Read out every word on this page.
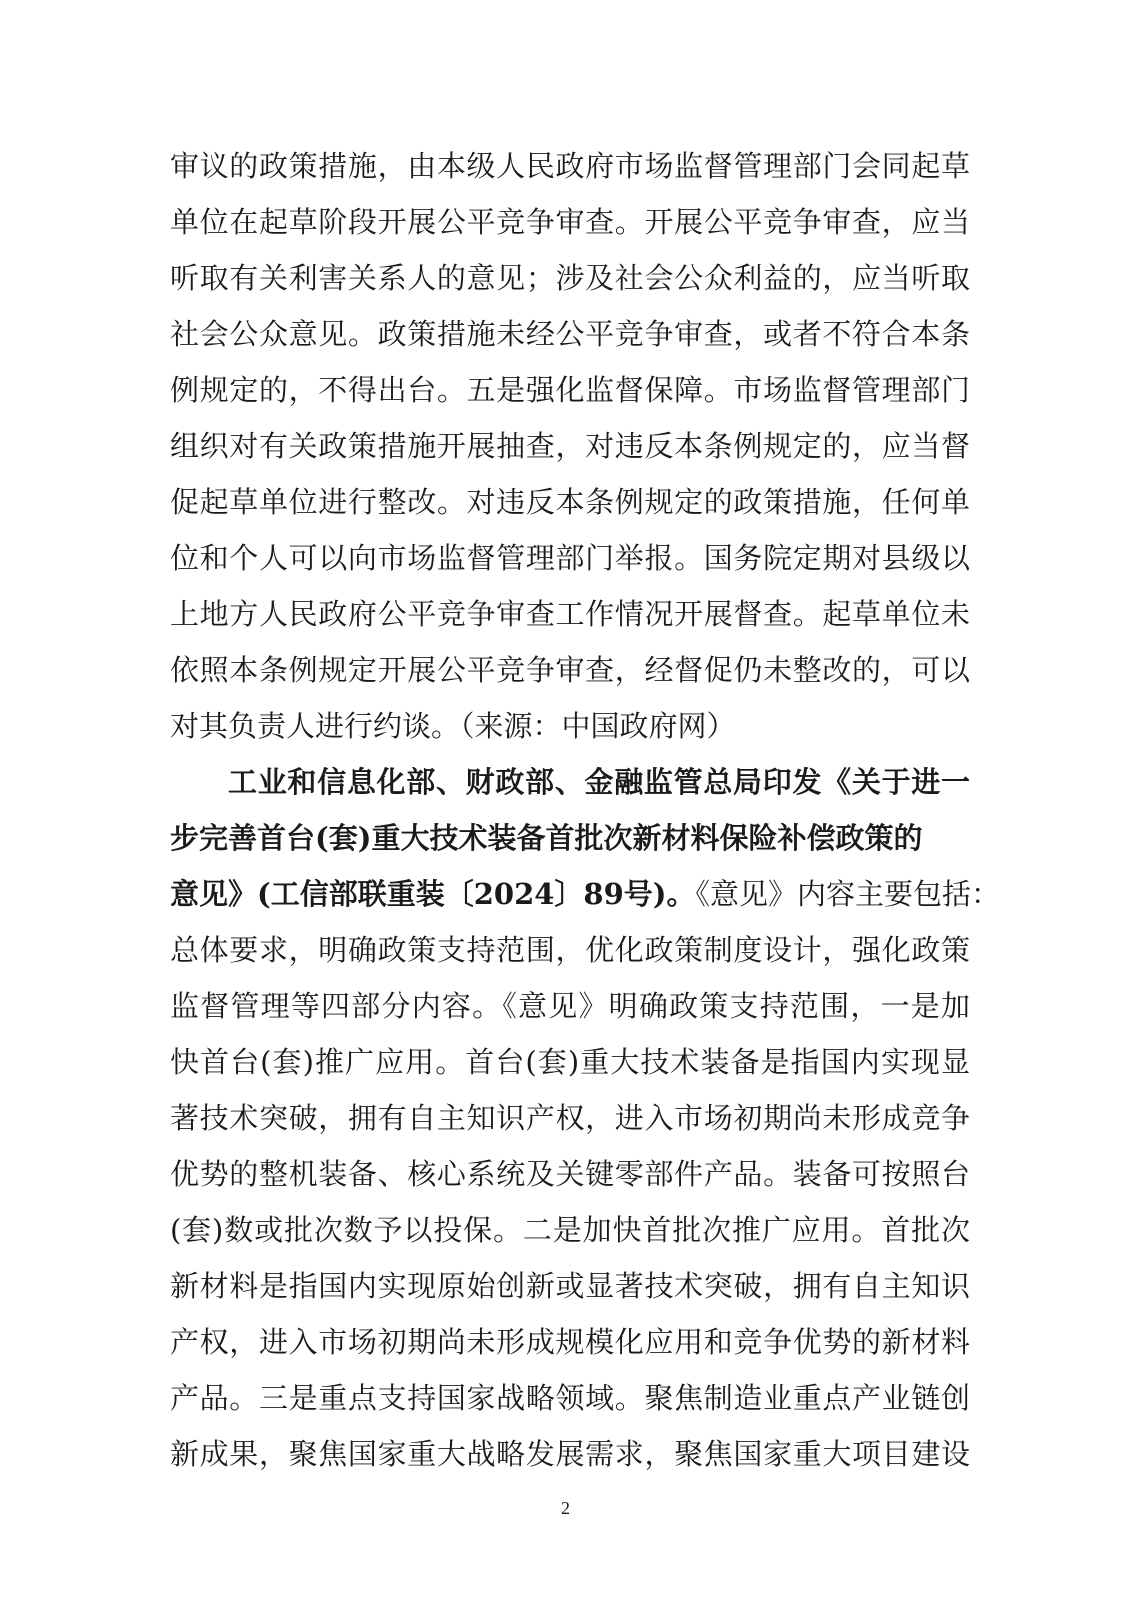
审议的政策措施，由本级人民政府市场监督管理部门会同起草
单位在起草阶段开展公平竞争审查。开展公平竞争审查，应当
听取有关利害关系人的意见；涉及社会公众利益的，应当听取
社会公众意见。政策措施未经公平竞争审查，或者不符合本条
例规定的，不得出台。五是强化监督保障。市场监督管理部门
组织对有关政策措施开展抽查，对违反本条例规定的，应当督
促起草单位进行整改。对违反本条例规定的政策措施，任何单
位和个人可以向市场监督管理部门举报。国务院定期对县级以
上地方人民政府公平竞争审查工作情况开展督查。起草单位未
依照本条例规定开展公平竞争审查，经督促仍未整改的，可以
对其负责人进行约谈。（来源：中国政府网）
工业和信息化部、财政部、金融监管总局印发《关于进一
步完善首台(套)重大技术装备首批次新材料保险补偿政策的
意见》(工信部联重装〔2024〕89号)。《意见》内容主要包括：
总体要求，明确政策支持范围，优化政策制度设计，强化政策
监督管理等四部分内容。《意见》明确政策支持范围，一是加
快首台(套)推广应用。首台(套)重大技术装备是指国内实现显
著技术突破，拥有自主知识产权，进入市场初期尚未形成竞争
优势的整机装备、核心系统及关键零部件产品。装备可按照台
(套)数或批次数予以投保。二是加快首批次推广应用。首批次
新材料是指国内实现原始创新或显著技术突破，拥有自主知识
产权，进入市场初期尚未形成规模化应用和竞争优势的新材料
产品。三是重点支持国家战略领域。聚焦制造业重点产业链创
新成果，聚焦国家重大战略发展需求，聚焦国家重大项目建设
2
